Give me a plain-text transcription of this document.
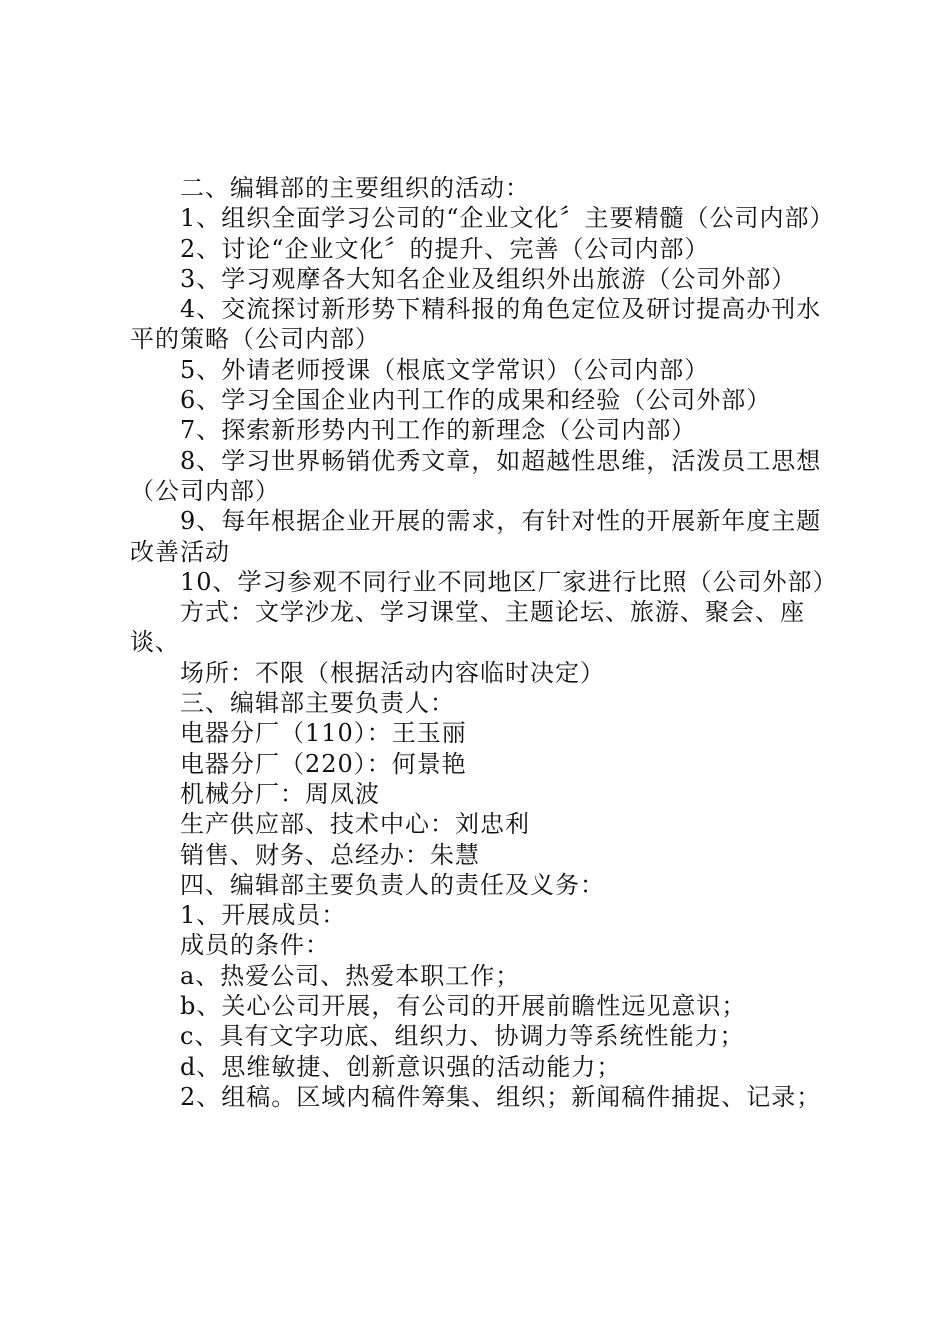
二、编辑部的主要组织的活动：

1、组织全面学习公司的“企业文化〞主要精髓（公司内部）

2、讨论“企业文化〞的提升、完善（公司内部）

3、学习观摩各大知名企业及组织外出旅游（公司外部）

4、交流探讨新形势下精科报的角色定位及研讨提高办刊水平的策略（公司内部）

5、外请老师授课（根底文学常识）（公司内部）

6、学习全国企业内刊工作的成果和经验（公司外部）

7、探索新形势内刊工作的新理念（公司内部）

8、学习世界畅销优秀文章，如超越性思维，活泼员工思想（公司内部）

9、每年根据企业开展的需求，有针对性的开展新年度主题改善活动

10、学习参观不同行业不同地区厂家进行比照（公司外部）

方式：文学沙龙、学习课堂、主题论坛、旅游、聚会、座谈、

场所：不限（根据活动内容临时决定）

三、编辑部主要负责人：

电器分厂（110）：王玉丽

电器分厂（220）：何景艳

机械分厂：周凤波

生产供应部、技术中心：刘忠利

销售、财务、总经办：朱慧

四、编辑部主要负责人的责任及义务：

1、开展成员：

成员的条件：

a、热爱公司、热爱本职工作；

b、关心公司开展，有公司的开展前瞻性远见意识；

c、具有文字功底、组织力、协调力等系统性能力；

d、思维敏捷、创新意识强的活动能力；

2、组稿。区域内稿件筹集、组织；新闻稿件捕捉、记录；
